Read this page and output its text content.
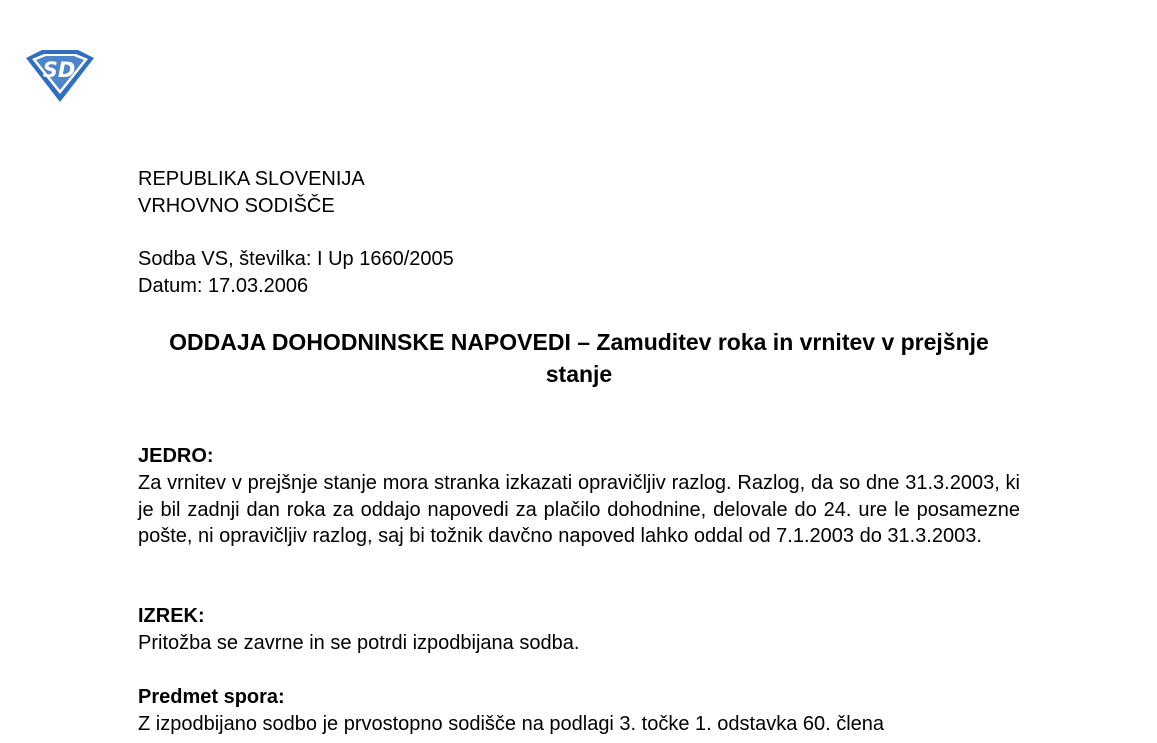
SD
REPUBLIKA SLOVENIJA
VRHOVNO SODIŠČE
Sodba VS, številka: I Up 1660/2005
Datum: 17.03.2006
ODDAJA DOHODNINSKE NAPOVEDI – Zamuditev roka in vrnitev v prejšnje stanje
JEDRO:
Za vrnitev v prejšnje stanje mora stranka izkazati opravičljiv razlog. Razlog, da so dne 31.3.2003, ki je bil zadnji dan roka za oddajo napovedi za plačilo dohodnine, delovale do 24. ure le posamezne pošte, ni opravičljiv razlog, saj bi tožnik davčno napoved lahko oddal od 7.1.2003 do 31.3.2003.
IZREK:
Pritožba se zavrne in se potrdi izpodbijana sodba.
Predmet spora:
Z izpodbijano sodbo je prvostopno sodišče na podlagi 3. točke 1. odstavka 60. člena
